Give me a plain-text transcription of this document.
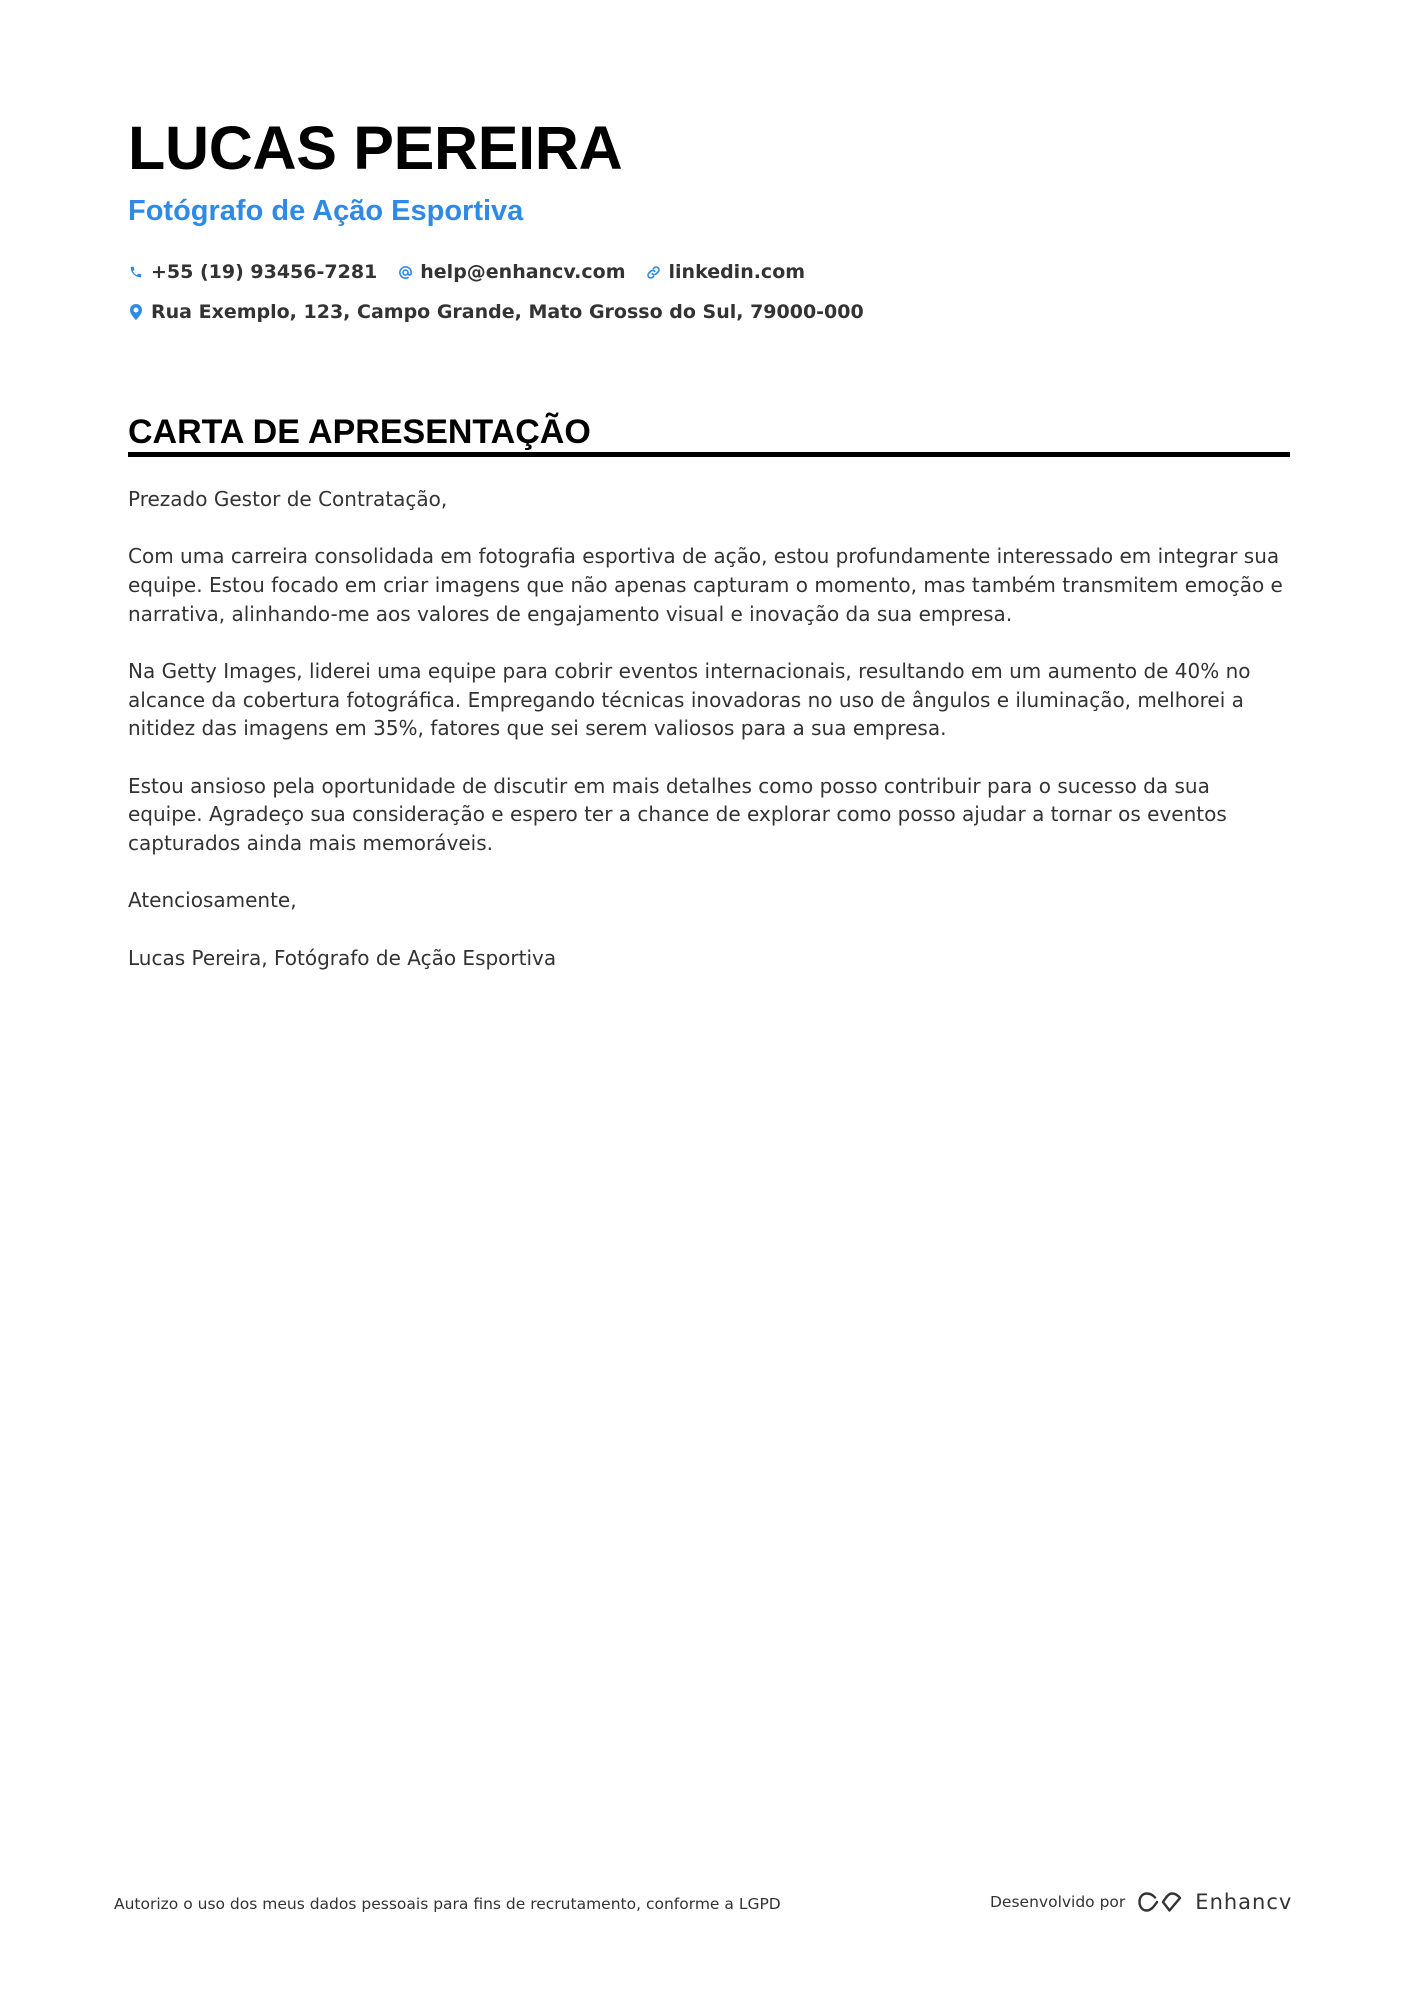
LUCAS PEREIRA
Fotógrafo de Ação Esportiva
+55 (19) 93456-7281 help@enhancv.com linkedin.com
Rua Exemplo, 123, Campo Grande, Mato Grosso do Sul, 79000-000
CARTA DE APRESENTAÇÃO

Prezado Gestor de Contratação,

Com uma carreira consolidada em fotografia esportiva de ação, estou profundamente interessado em integrar sua equipe. Estou focado em criar imagens que não apenas capturam o momento, mas também transmitem emoção e narrativa, alinhando-me aos valores de engajamento visual e inovação da sua empresa.

Na Getty Images, liderei uma equipe para cobrir eventos internacionais, resultando em um aumento de 40% no alcance da cobertura fotográfica. Empregando técnicas inovadoras no uso de ângulos e iluminação, melhorei a nitidez das imagens em 35%, fatores que sei serem valiosos para a sua empresa.

Estou ansioso pela oportunidade de discutir em mais detalhes como posso contribuir para o sucesso da sua equipe. Agradeço sua consideração e espero ter a chance de explorar como posso ajudar a tornar os eventos capturados ainda mais memoráveis.

Atenciosamente,

Lucas Pereira, Fotógrafo de Ação Esportiva

Autorizo o uso dos meus dados pessoais para fins de recrutamento, conforme a LGPD	Desenvolvido por	Enhancv
